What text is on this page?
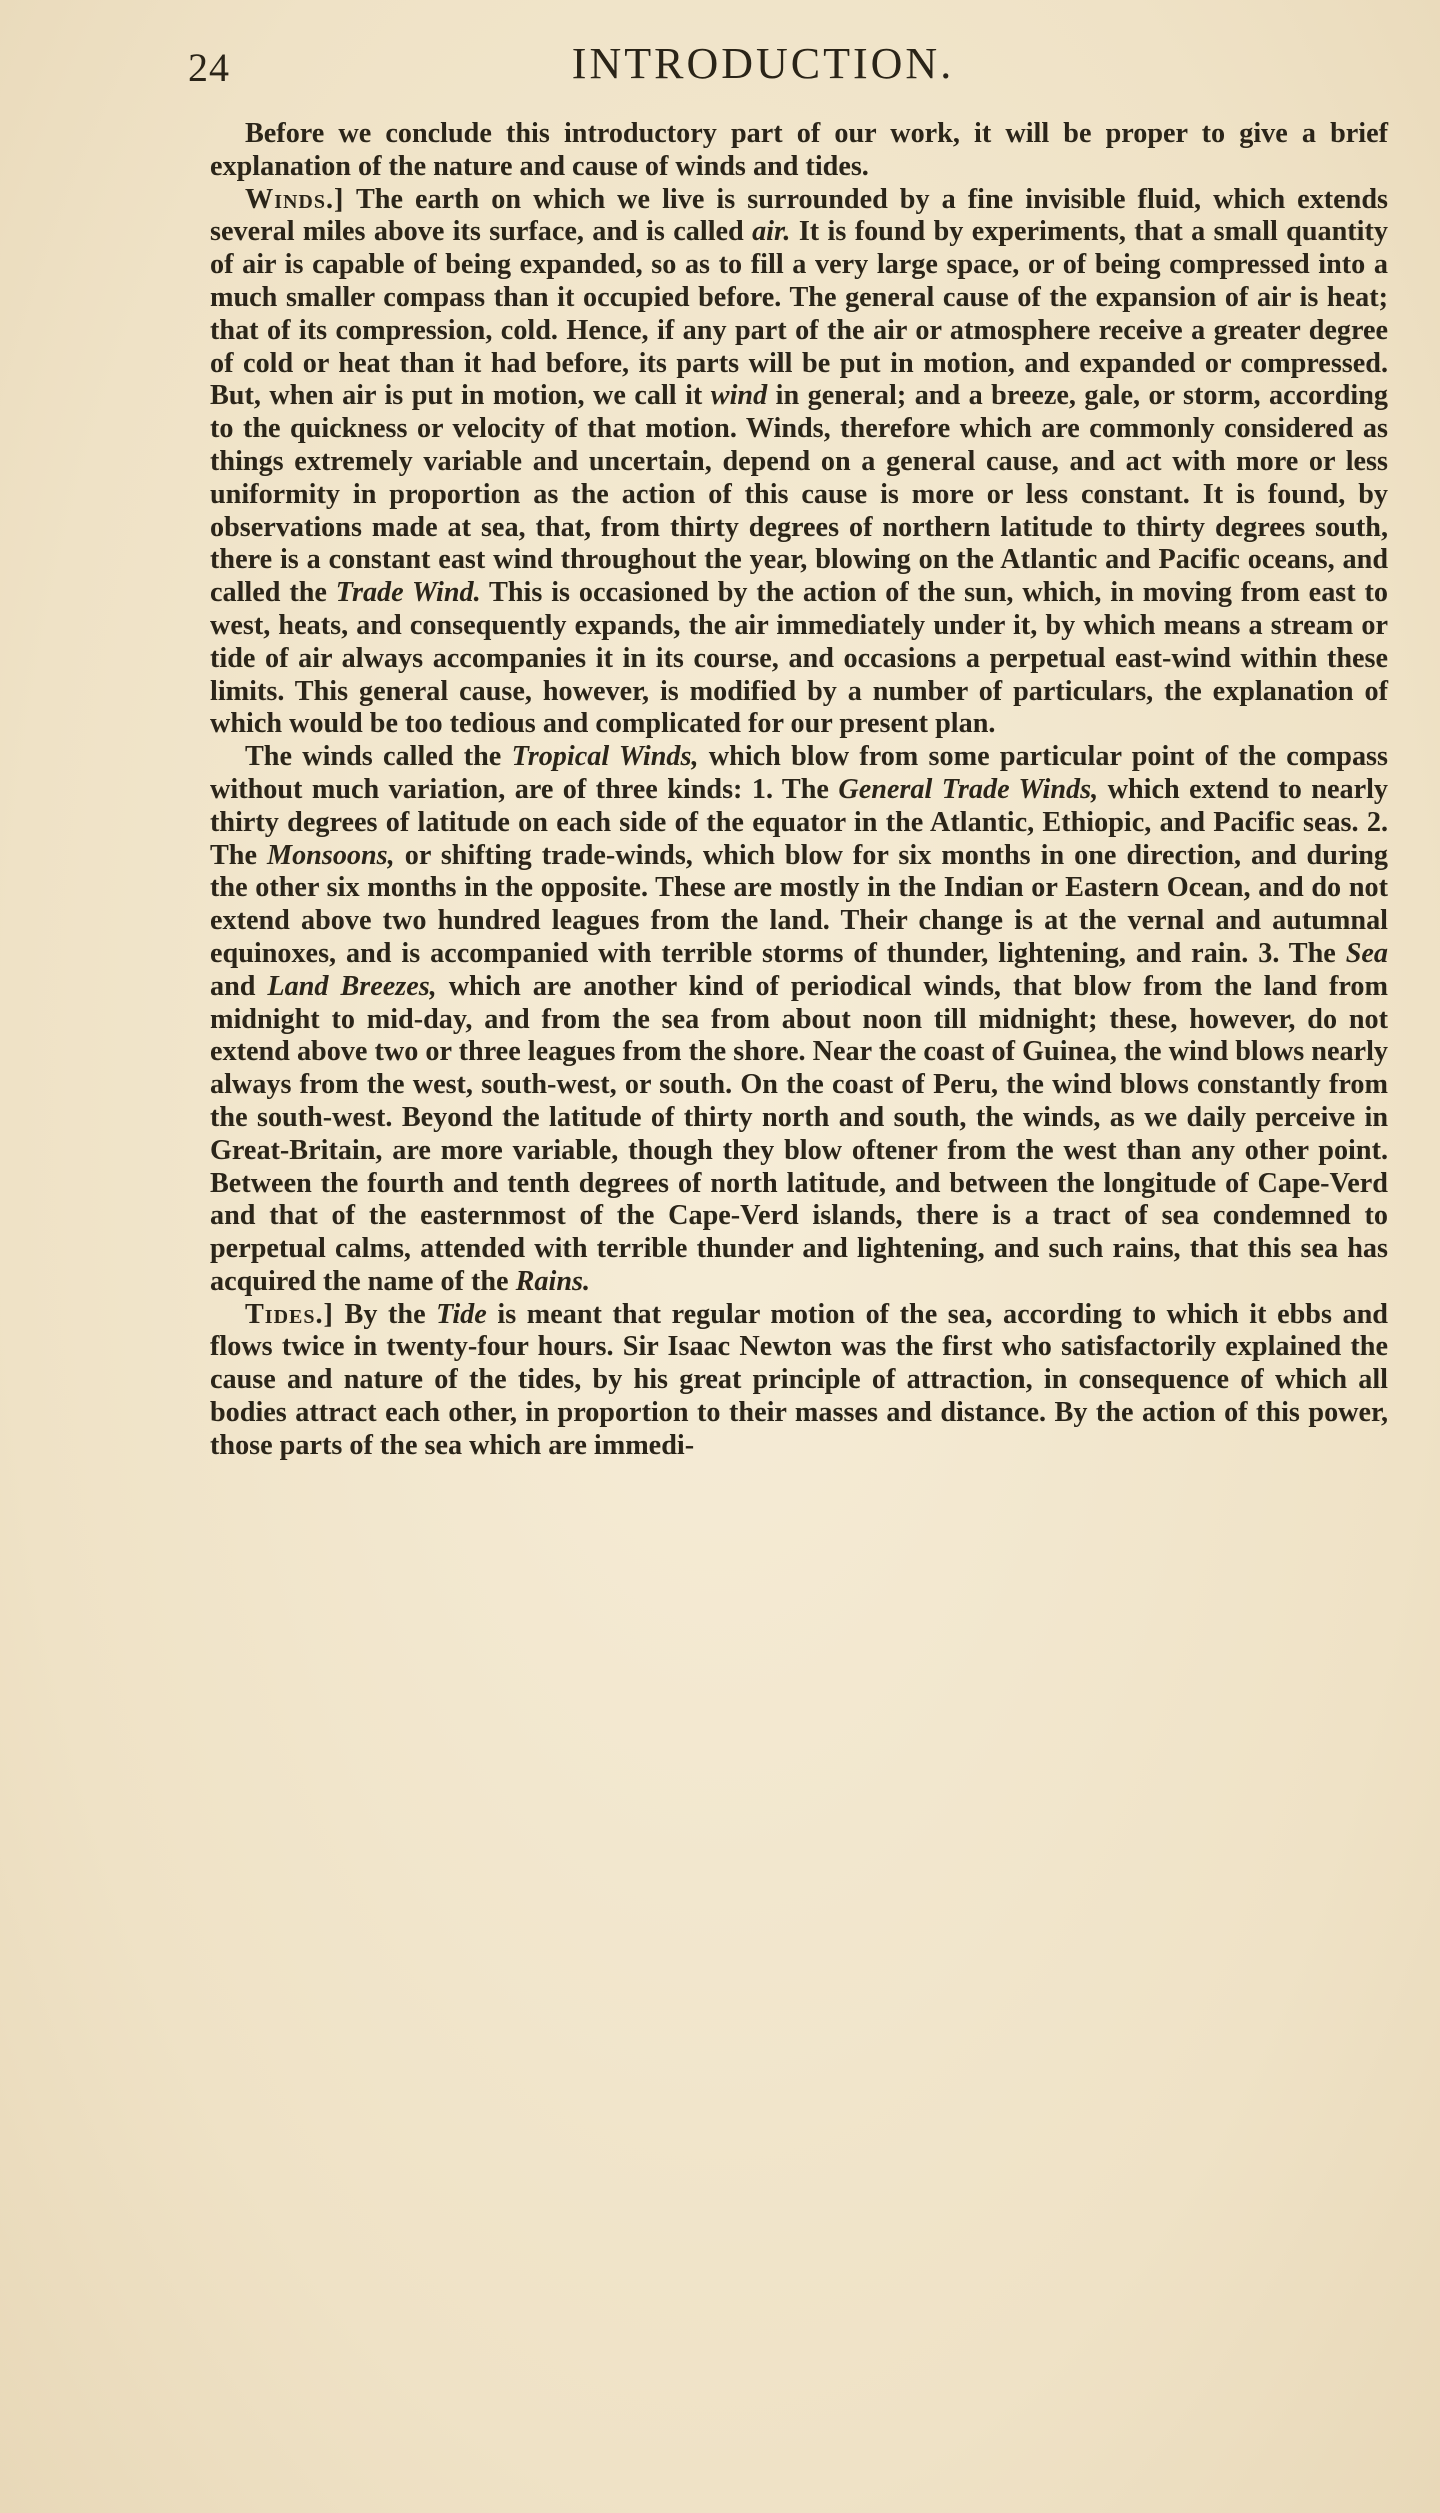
24	INTRODUCTION.

Before we conclude this introductory part of our work, it will be proper to give a brief explanation of the nature and cause of winds and tides.

Winds.] The earth on which we live is surrounded by a fine invisible fluid, which extends several miles above its surface, and is called air. It is found by experiments, that a small quantity of air is capable of being expanded, so as to fill a very large space, or of being compressed into a much smaller compass than it occupied before. The general cause of the expansion of air is heat; that of its compression, cold. Hence, if any part of the air or atmosphere receive a greater degree of cold or heat than it had before, its parts will be put in motion, and expanded or compressed. But, when air is put in motion, we call it wind in general; and a breeze, gale, or storm, according to the quickness or velocity of that motion. Winds, therefore which are commonly considered as things extremely variable and uncertain, depend on a general cause, and act with more or less uniformity in proportion as the action of this cause is more or less constant. It is found, by observations made at sea, that, from thirty degrees of northern latitude to thirty degrees south, there is a constant east wind throughout the year, blowing on the Atlantic and Pacific oceans, and called the Trade Wind. This is occasioned by the action of the sun, which, in moving from east to west, heats, and consequently expands, the air immediately under it, by which means a stream or tide of air always accompanies it in its course, and occasions a perpetual east-wind within these limits. This general cause, however, is modified by a number of particulars, the explanation of which would be too tedious and complicated for our present plan.

The winds called the Tropical Winds, which blow from some particular point of the compass without much variation, are of three kinds: 1. The General Trade Winds, which extend to nearly thirty degrees of latitude on each side of the equator in the Atlantic, Ethiopic, and Pacific seas. 2. The Monsoons, or shifting trade-winds, which blow for six months in one direction, and during the other six months in the opposite. These are mostly in the Indian or Eastern Ocean, and do not extend above two hundred leagues from the land. Their change is at the vernal and autumnal equinoxes, and is accompanied with terrible storms of thunder, lightening, and rain. 3. The Sea and Land Breezes, which are another kind of periodical winds, that blow from the land from midnight to mid-day, and from the sea from about noon till midnight; these, however, do not extend above two or three leagues from the shore. Near the coast of Guinea, the wind blows nearly always from the west, south-west, or south. On the coast of Peru, the wind blows constantly from the south-west. Beyond the latitude of thirty north and south, the winds, as we daily perceive in Great-Britain, are more variable, though they blow oftener from the west than any other point. Between the fourth and tenth degrees of north latitude, and between the longitude of Cape-Verd and that of the easternmost of the Cape-Verd islands, there is a tract of sea condemned to perpetual calms, attended with terrible thunder and lightening, and such rains, that this sea has acquired the name of the Rains.

Tides.] By the Tide is meant that regular motion of the sea, according to which it ebbs and flows twice in twenty-four hours. Sir Isaac Newton was the first who satisfactorily explained the cause and nature of the tides, by his great principle of attraction, in consequence of which all bodies attract each other, in proportion to their masses and distance. By the action of this power, those parts of the sea which are immedi-
